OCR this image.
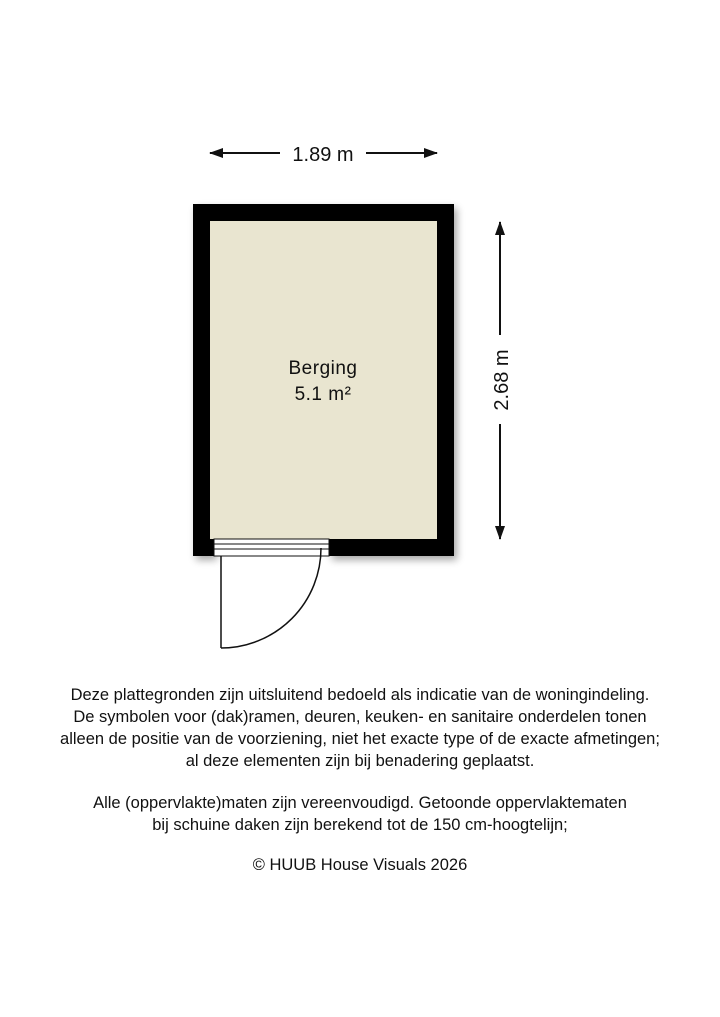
1.89 m
2.68 m
Berging
5.1 m²

Deze plattegronden zijn uitsluitend bedoeld als indicatie van de woningindeling.

De symbolen voor (dak)ramen, deuren, keuken- en sanitaire onderdelen tonen

alleen de positie van de voorziening, niet het exacte type of de exacte afmetingen;

al deze elementen zijn bij benadering geplaatst.

Alle (oppervlakte)maten zijn vereenvoudigd. Getoonde oppervlaktematen

bij schuine daken zijn berekend tot de 150 cm-hoogtelijn;

© HUUB House Visuals 2026
